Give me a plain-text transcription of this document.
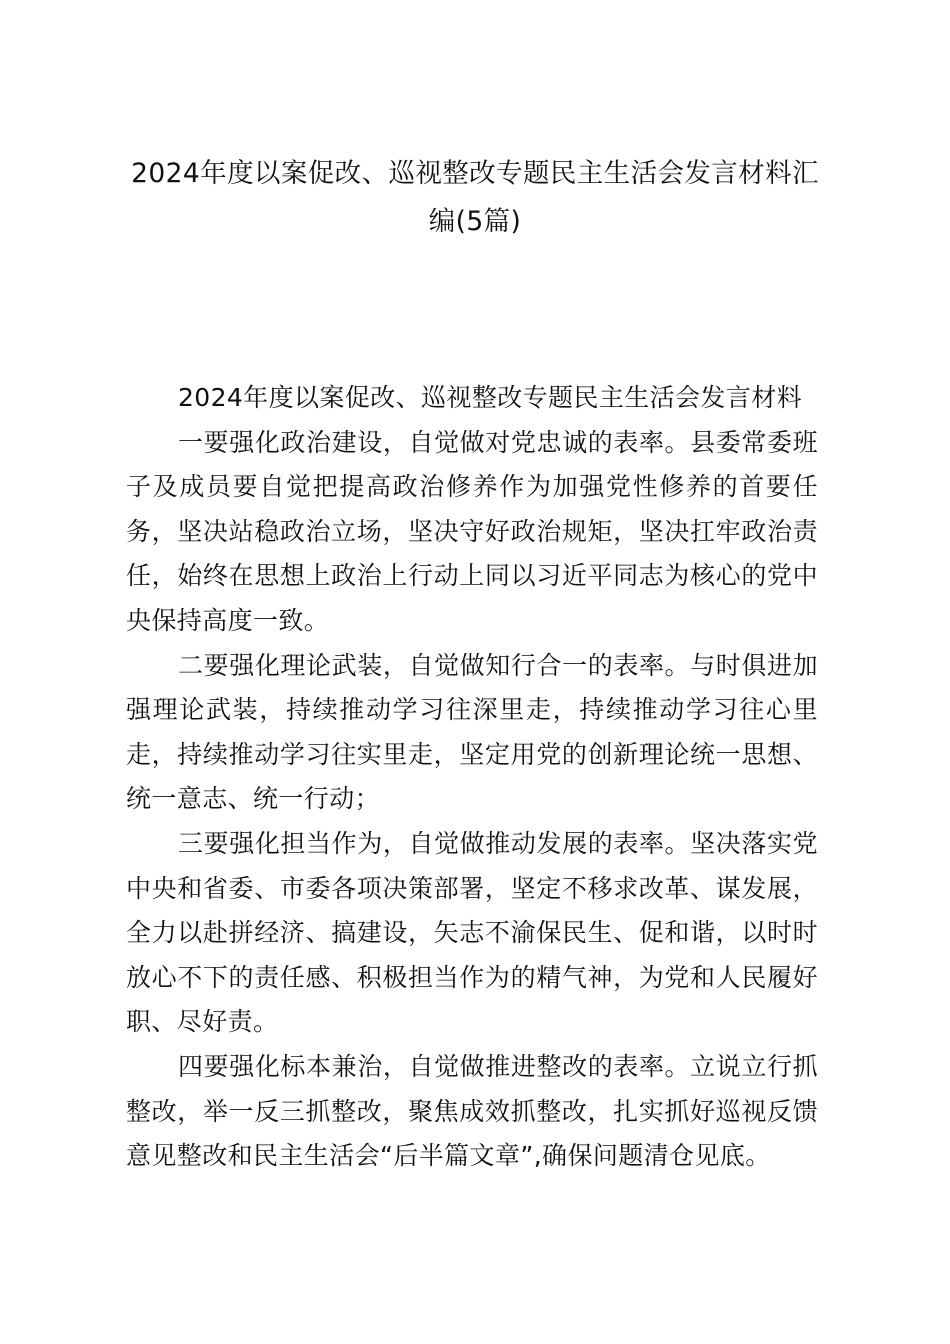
2024年度以案促改、巡视整改专题民主生活会发言材料汇编(5篇)

2024年度以案促改、巡视整改专题民主生活会发言材料

一要强化政治建设，自觉做对党忠诚的表率。县委常委班子及成员要自觉把提高政治修养作为加强党性修养的首要任务，坚决站稳政治立场，坚决守好政治规矩，坚决扛牢政治责任，始终在思想上政治上行动上同以习近平同志为核心的党中央保持高度一致。

二要强化理论武装，自觉做知行合一的表率。与时俱进加强理论武装，持续推动学习往深里走，持续推动学习往心里走，持续推动学习往实里走，坚定用党的创新理论统一思想、统一意志、统一行动；

三要强化担当作为，自觉做推动发展的表率。坚决落实党中央和省委、市委各项决策部署，坚定不移求改革、谋发展，全力以赴拼经济、搞建设，矢志不渝保民生、促和谐，以时时放心不下的责任感、积极担当作为的精气神，为党和人民履好职、尽好责。

四要强化标本兼治，自觉做推进整改的表率。立说立行抓整改，举一反三抓整改，聚焦成效抓整改，扎实抓好巡视反馈意见整改和民主生活会“后半篇文章”,确保问题清仓见底。
